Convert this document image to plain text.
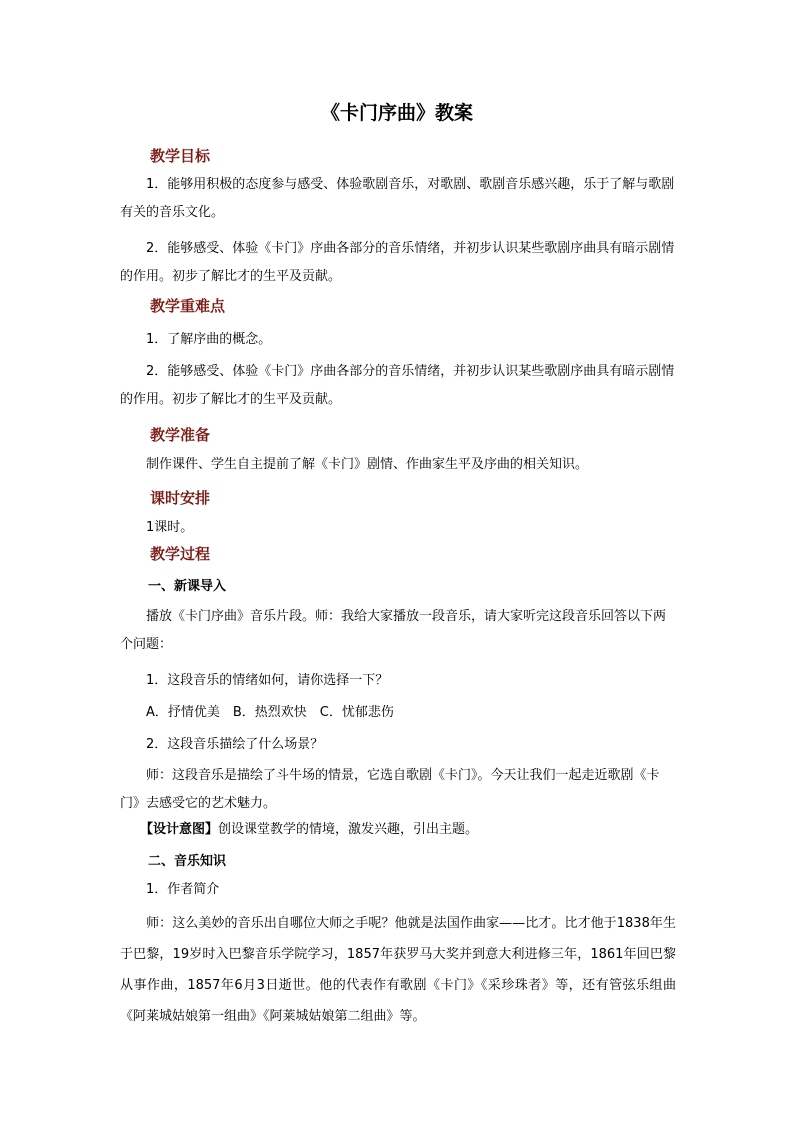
《卡门序曲》教案
教学目标
1．能够用积极的态度参与感受、体验歌剧音乐，对歌剧、歌剧音乐感兴趣，乐于了解与歌剧有关的音乐文化。
2．能够感受、体验《卡门》序曲各部分的音乐情绪，并初步认识某些歌剧序曲具有暗示剧情的作用。初步了解比才的生平及贡献。
教学重难点
1．了解序曲的概念。
2．能够感受、体验《卡门》序曲各部分的音乐情绪，并初步认识某些歌剧序曲具有暗示剧情的作用。初步了解比才的生平及贡献。
教学准备
制作课件、学生自主提前了解《卡门》剧情、作曲家生平及序曲的相关知识。
课时安排
1课时。
教学过程
一、新课导入
播放《卡门序曲》音乐片段。师：我给大家播放一段音乐，请大家听完这段音乐回答以下两个问题：
1．这段音乐的情绪如何，请你选择一下？
A．抒情优美　B．热烈欢快　C．忧郁悲伤
2．这段音乐描绘了什么场景？
师：这段音乐是描绘了斗牛场的情景，它选自歌剧《卡门》。今天让我们一起走近歌剧《卡门》去感受它的艺术魅力。
【设计意图】创设课堂教学的情境，激发兴趣，引出主题。
二、音乐知识
1．作者简介
师：这么美妙的音乐出自哪位大师之手呢？他就是法国作曲家——比才。比才他于1838年生于巴黎，19岁时入巴黎音乐学院学习，1857年获罗马大奖并到意大利进修三年，1861年回巴黎从事作曲，1857年6月3日逝世。他的代表作有歌剧《卡门》《采珍珠者》等，还有管弦乐组曲《阿莱城姑娘第一组曲》《阿莱城姑娘第二组曲》等。
